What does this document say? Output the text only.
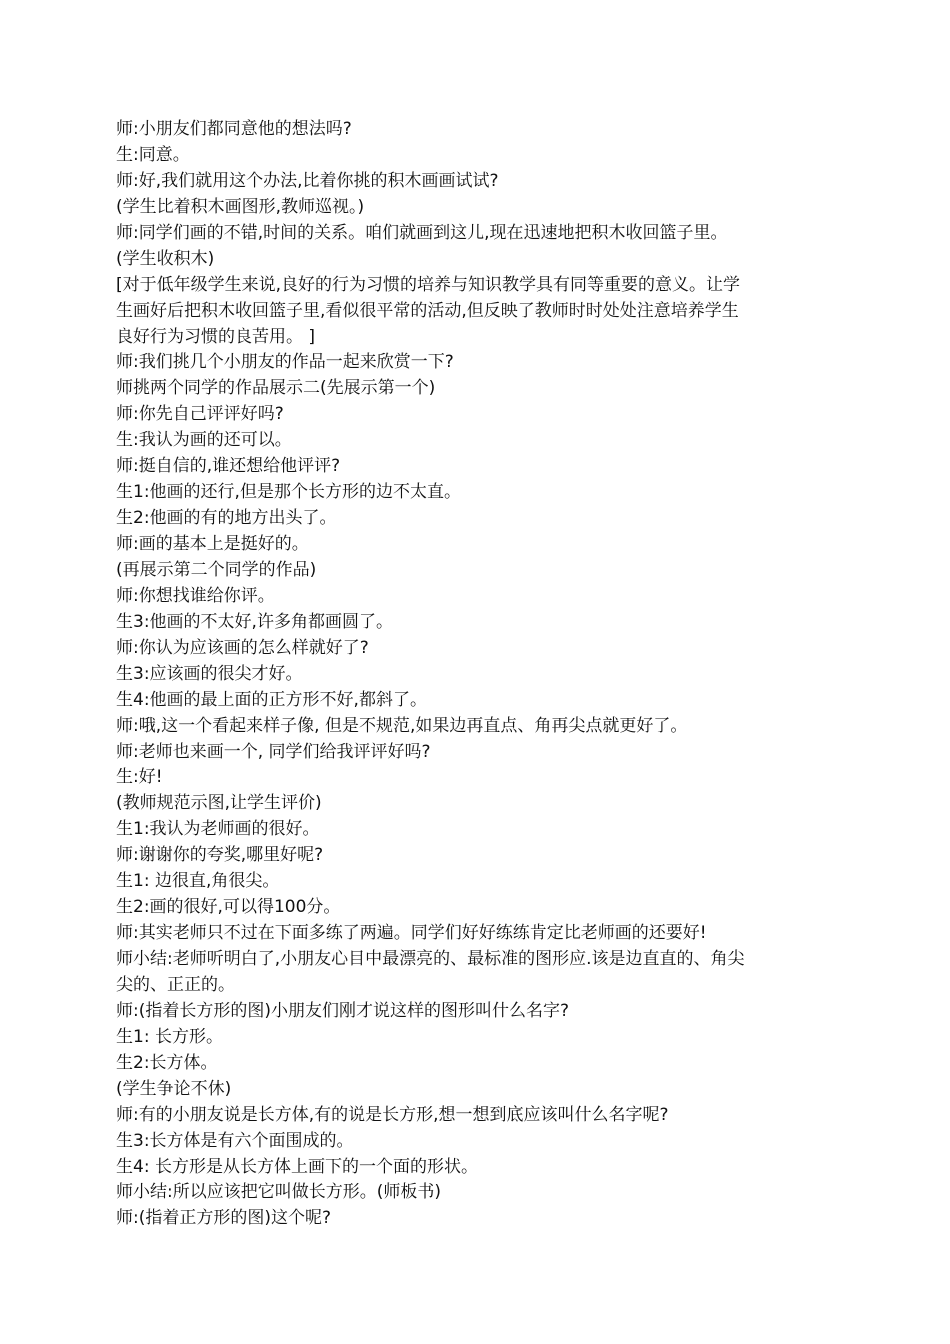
师:小朋友们都同意他的想法吗?
生:同意。
师:好,我们就用这个办法,比着你挑的积木画画试试?
(学生比着积木画图形,教师巡视。)
师:同学们画的不错,时间的关系。咱们就画到这儿,现在迅速地把积木收回篮子里。
(学生收积木)
[对于低年级学生来说,良好的行为习惯的培养与知识教学具有同等重要的意义。让学
生画好后把积木收回篮子里,看似很平常的活动,但反映了教师时时处处注意培养学生
良好行为习惯的良苦用。 ]
师:我们挑几个小朋友的作品一起来欣赏一下?
师挑两个同学的作品展示二(先展示第一个)
师:你先自己评评好吗?
生:我认为画的还可以。
师:挺自信的,谁还想给他评评?
生1:他画的还行,但是那个长方形的边不太直。
生2:他画的有的地方出头了。
师:画的基本上是挺好的。
(再展示第二个同学的作品)
师:你想找谁给你评。
生3:他画的不太好,许多角都画圆了。
师:你认为应该画的怎么样就好了?
生3:应该画的很尖才好。
生4:他画的最上面的正方形不好,都斜了。
师:哦,这一个看起来样子像, 但是不规范,如果边再直点、角再尖点就更好了。
师:老师也来画一个, 同学们给我评评好吗?
生:好!
(教师规范示图,让学生评价)
生1:我认为老师画的很好。
师:谢谢你的夸奖,哪里好呢?
生1: 边很直,角很尖。
生2:画的很好,可以得100分。
师:其实老师只不过在下面多练了两遍。同学们好好练练肯定比老师画的还要好!
师小结:老师听明白了,小朋友心目中最漂亮的、最标准的图形应.该是边直直的、角尖
尖的、正正的。
师:(指着长方形的图)小朋友们刚才说这样的图形叫什么名字?
生1: 长方形。
生2:长方体。
(学生争论不休)
师:有的小朋友说是长方体,有的说是长方形,想一想到底应该叫什么名字呢?
生3:长方体是有六个面围成的。
生4: 长方形是从长方体上画下的一个面的形状。
师小结:所以应该把它叫做长方形。(师板书)
师:(指着正方形的图)这个呢?
